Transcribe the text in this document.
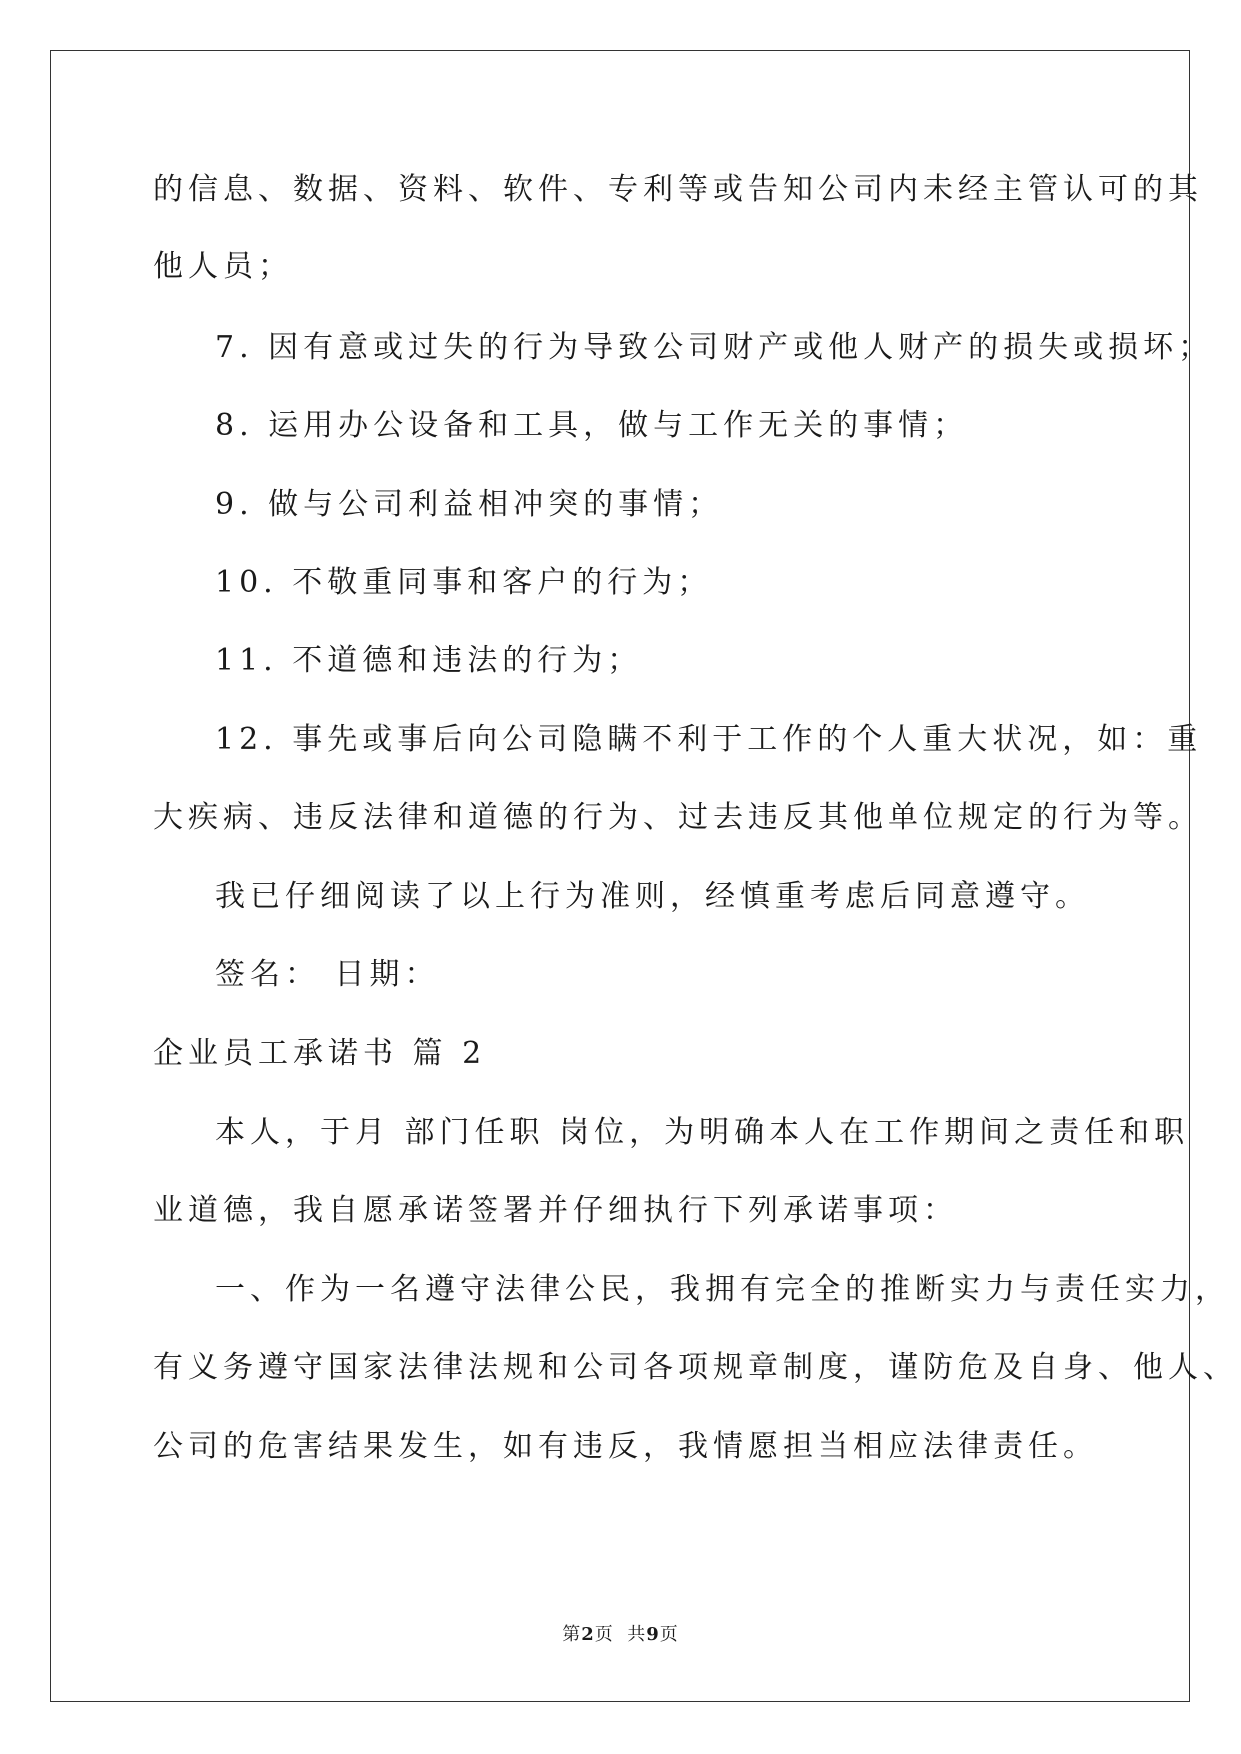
的信息、数据、资料、软件、专利等或告知公司内未经主管认可的其
他人员；
7. 因有意或过失的行为导致公司财产或他人财产的损失或损坏；
8. 运用办公设备和工具，做与工作无关的事情；
9. 做与公司利益相冲突的事情；
10. 不敬重同事和客户的行为；
11. 不道德和违法的行为；
12. 事先或事后向公司隐瞒不利于工作的个人重大状况，如：重
大疾病、违反法律和道德的行为、过去违反其他单位规定的行为等。
我已仔细阅读了以上行为准则，经慎重考虑后同意遵守。
签名： 日期：
企业员工承诺书 篇 2
本人，于月 部门任职 岗位，为明确本人在工作期间之责任和职
业道德，我自愿承诺签署并仔细执行下列承诺事项：
一、作为一名遵守法律公民，我拥有完全的推断实力与责任实力，
有义务遵守国家法律法规和公司各项规章制度，谨防危及自身、他人、
公司的危害结果发生，如有违反，我情愿担当相应法律责任。
第2页  共9页
